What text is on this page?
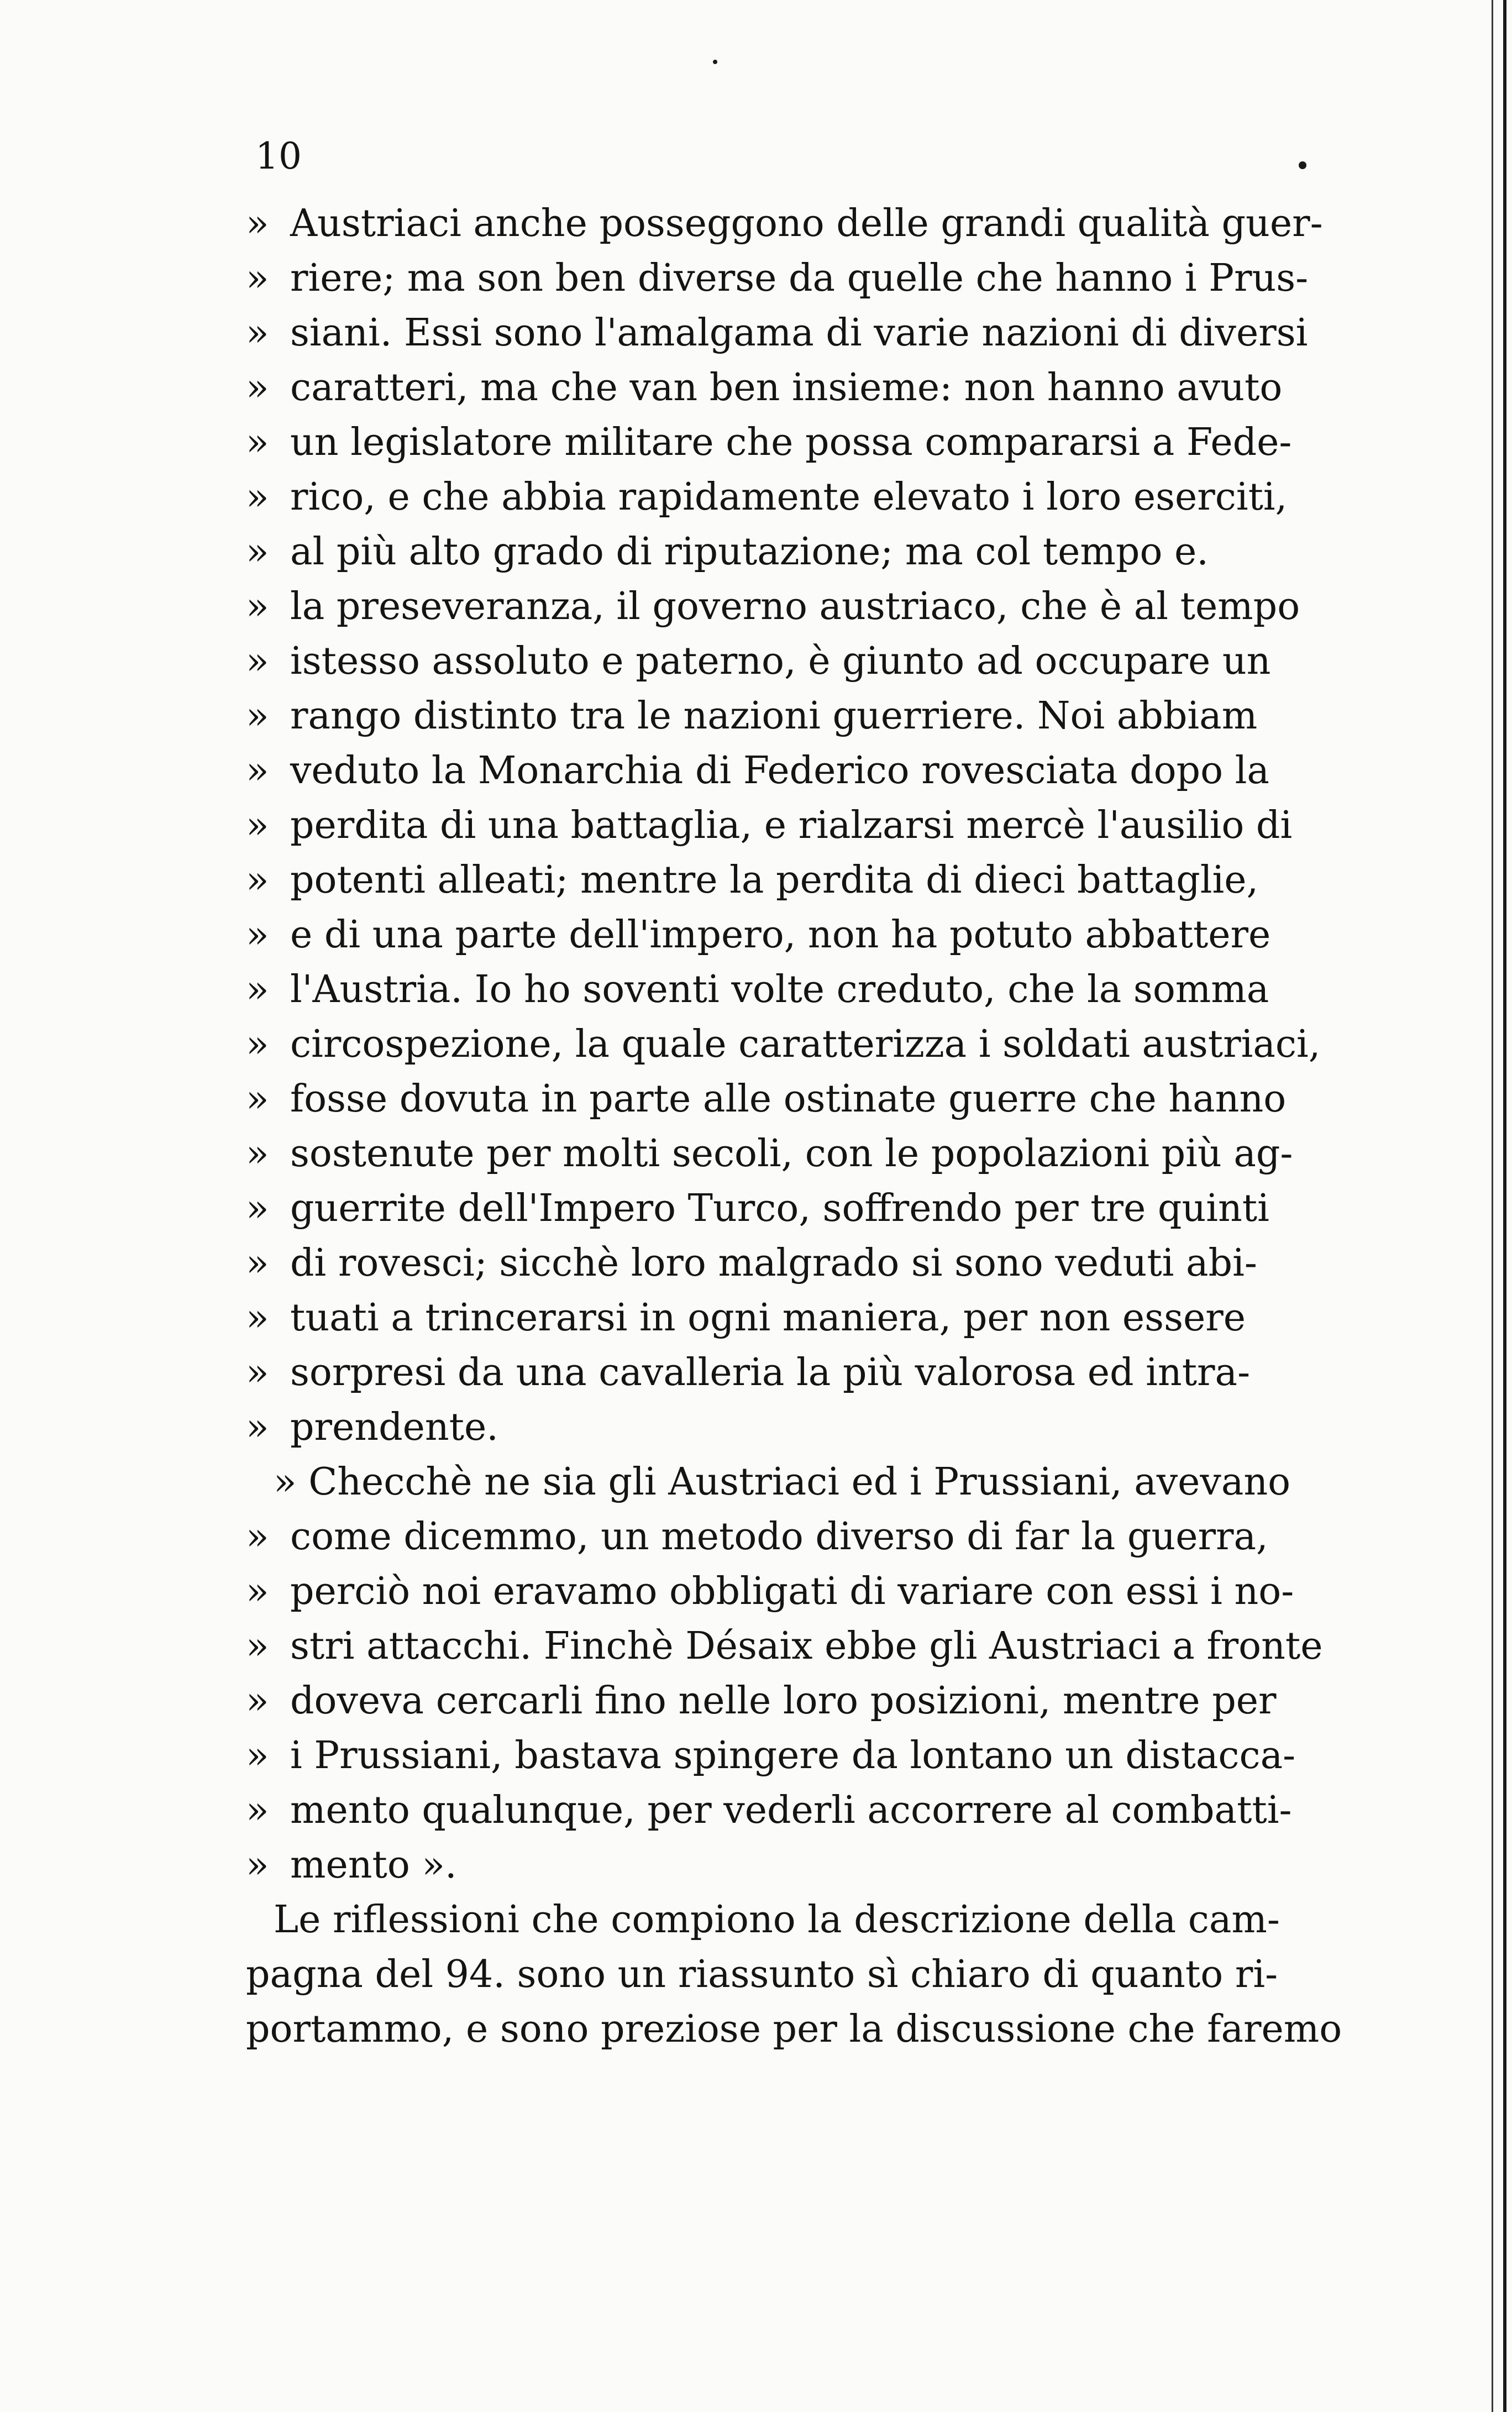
10
» Austriaci anche posseggono delle grandi qualità guer-
» riere; ma son ben diverse da quelle che hanno i Prus-
» siani. Essi sono l'amalgama di varie nazioni di diversi
» caratteri, ma che van ben insieme: non hanno avuto
» un legislatore militare che possa compararsi a Fede-
» rico, e che abbia rapidamente elevato i loro eserciti,
» al più alto grado di riputazione; ma col tempo e.
» la preseveranza, il governo austriaco, che è al tempo
» istesso assoluto e paterno, è giunto ad occupare un
» rango distinto tra le nazioni guerriere. Noi abbiam
» veduto la Monarchia di Federico rovesciata dopo la
» perdita di una battaglia, e rialzarsi mercè l'ausilio di
» potenti alleati; mentre la perdita di dieci battaglie,
» e di una parte dell'impero, non ha potuto abbattere
» l'Austria. Io ho soventi volte creduto, che la somma
» circospezione, la quale caratterizza i soldati austriaci,
» fosse dovuta in parte alle ostinate guerre che hanno
» sostenute per molti secoli, con le popolazioni più ag-
» guerrite dell'Impero Turco, soffrendo per tre quinti
» di rovesci; sicchè loro malgrado si sono veduti abi-
» tuati a trincerarsi in ogni maniera, per non essere
» sorpresi da una cavalleria la più valorosa ed intra-
» prendente.
» Checchè ne sia gli Austriaci ed i Prussiani, avevano
» come dicemmo, un metodo diverso di far la guerra,
» perciò noi eravamo obbligati di variare con essi i no-
» stri attacchi. Finchè Désaix ebbe gli Austriaci a fronte
» doveva cercarli fino nelle loro posizioni, mentre per
» i Prussiani, bastava spingere da lontano un distacca-
» mento qualunque, per vederli accorrere al combatti-
» mento ».
Le riflessioni che compiono la descrizione della cam-
pagna del 94. sono un riassunto sì chiaro di quanto ri-
portammo, e sono preziose per la discussione che faremo
